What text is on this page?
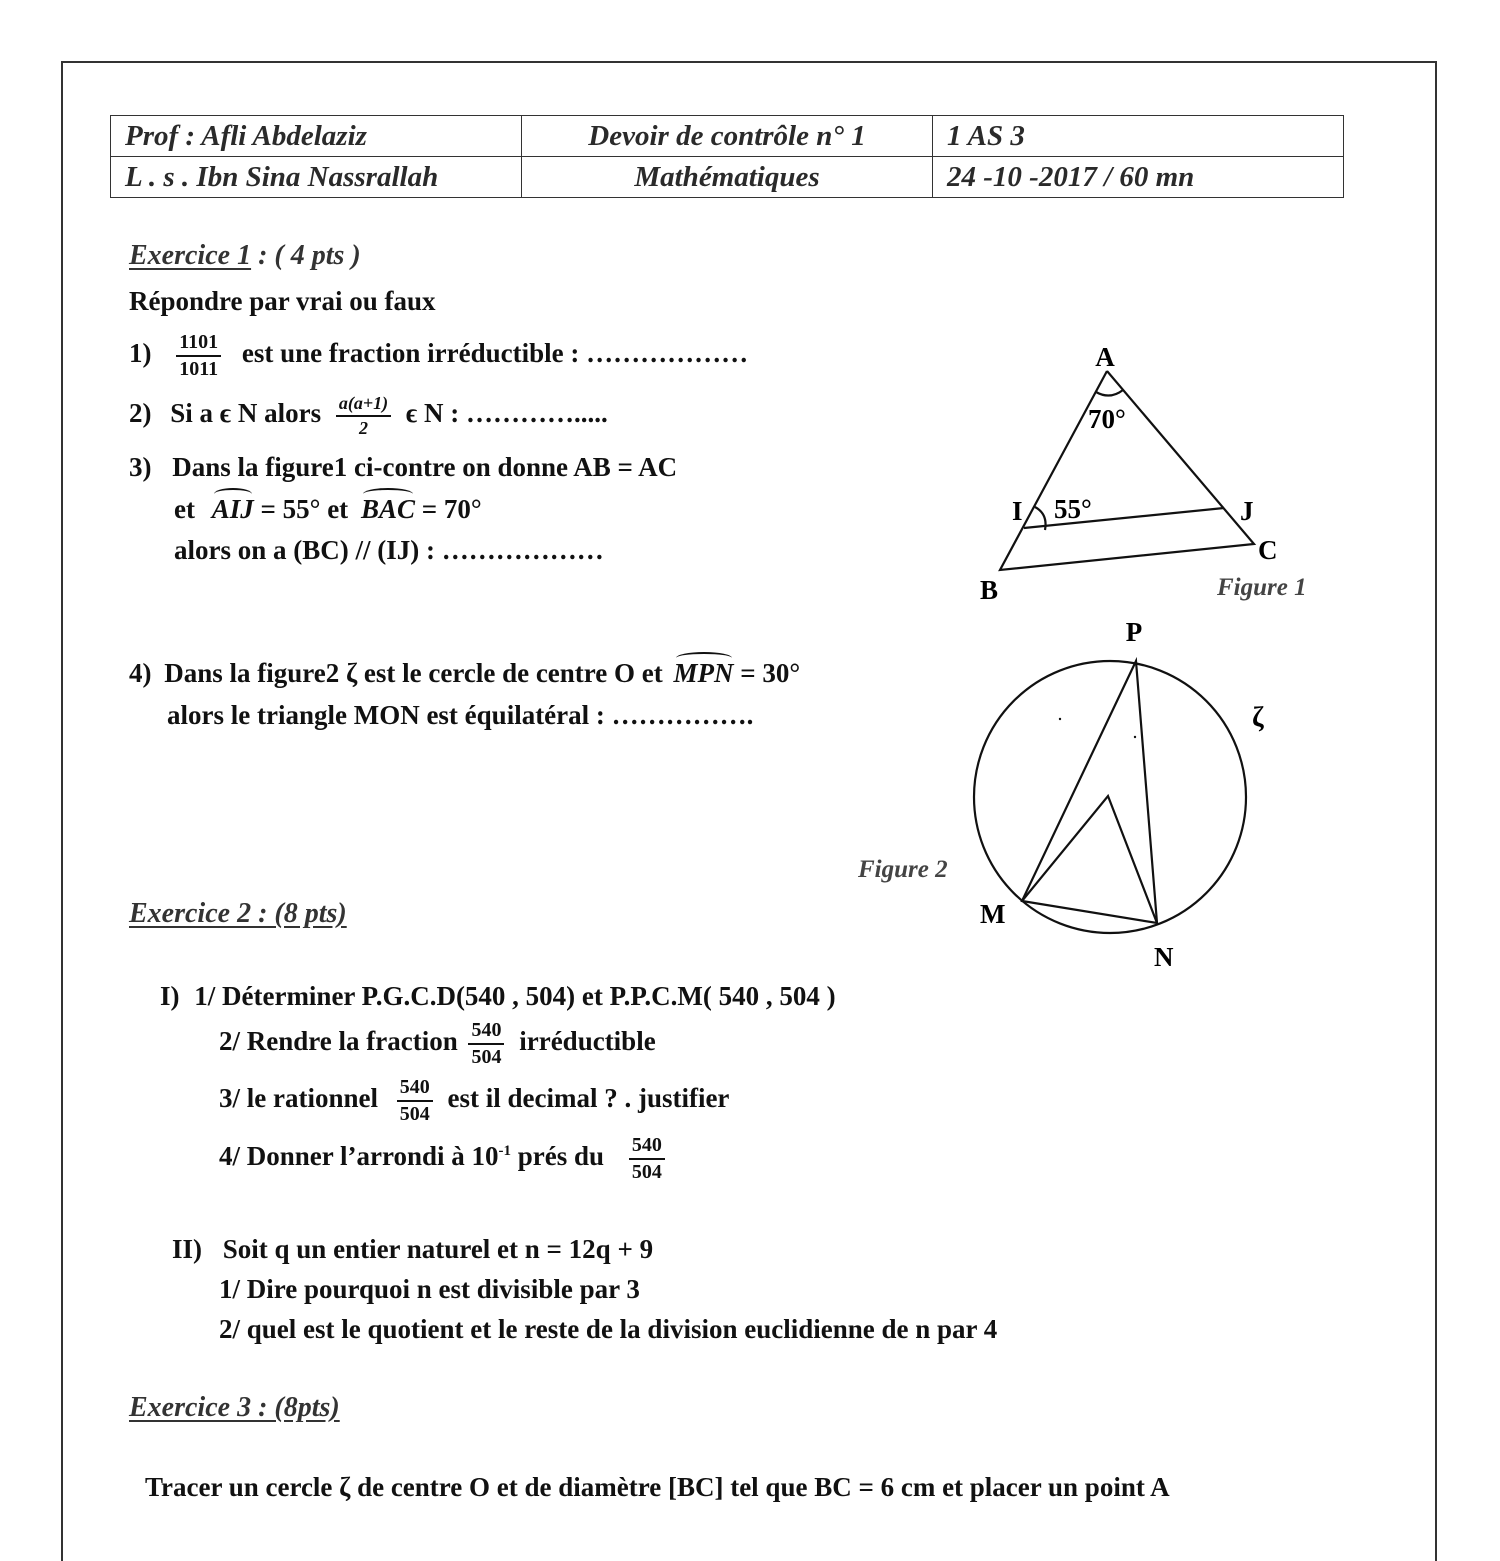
Prof : Afli Abdelaziz	Devoir de contrôle n° 1	1 AS 3
L . s . Ibn Sina Nassrallah	Mathématiques	24 -10 -2017 / 60 mn
Exercice 1 : ( 4 pts )
Répondre par vrai ou faux
$1) \frac{1101}{1011}$ est une fraction irréductible : ………………
2) Si a ϵ N alors $\frac{a(a+1)}{2}$ ϵ N : ………….....
3) Dans la figure1 ci-contre on donne AB = AC
et AIJ = 55° et BAC = 70°
alors on a (BC) // (IJ) : ………………
4) Dans la figure2 ζ est le cercle de centre O et MPN = 30°
alors le triangle MON est équilatéral : …………….
A
70°
I 55°	J
C
B	Figure 1
P
M
N
ζ
Figure 2
Exercice 2 : (8 pts)
I) 1/ Déterminer P.G.C.D(540 , 504) et P.P.C.M( 540 , 504 )
2/ Rendre la fraction $\frac{540}{504}$ irréductible
3/ le rationnel $\frac{540}{504}$ est il decimal ? . justifier
4/ Donner l’arrondi à $10^{-1}$ prés du $\frac{540}{504}$
II) Soit q un entier naturel et n = 12q + 9
1/ Dire pourquoi n est divisible par 3
2/ quel est le quotient et le reste de la division euclidienne de n par 4
Exercice 3 : (8pts)
Tracer un cercle ζ de centre O et de diamètre [BC] tel que BC = 6 cm et placer un point A
